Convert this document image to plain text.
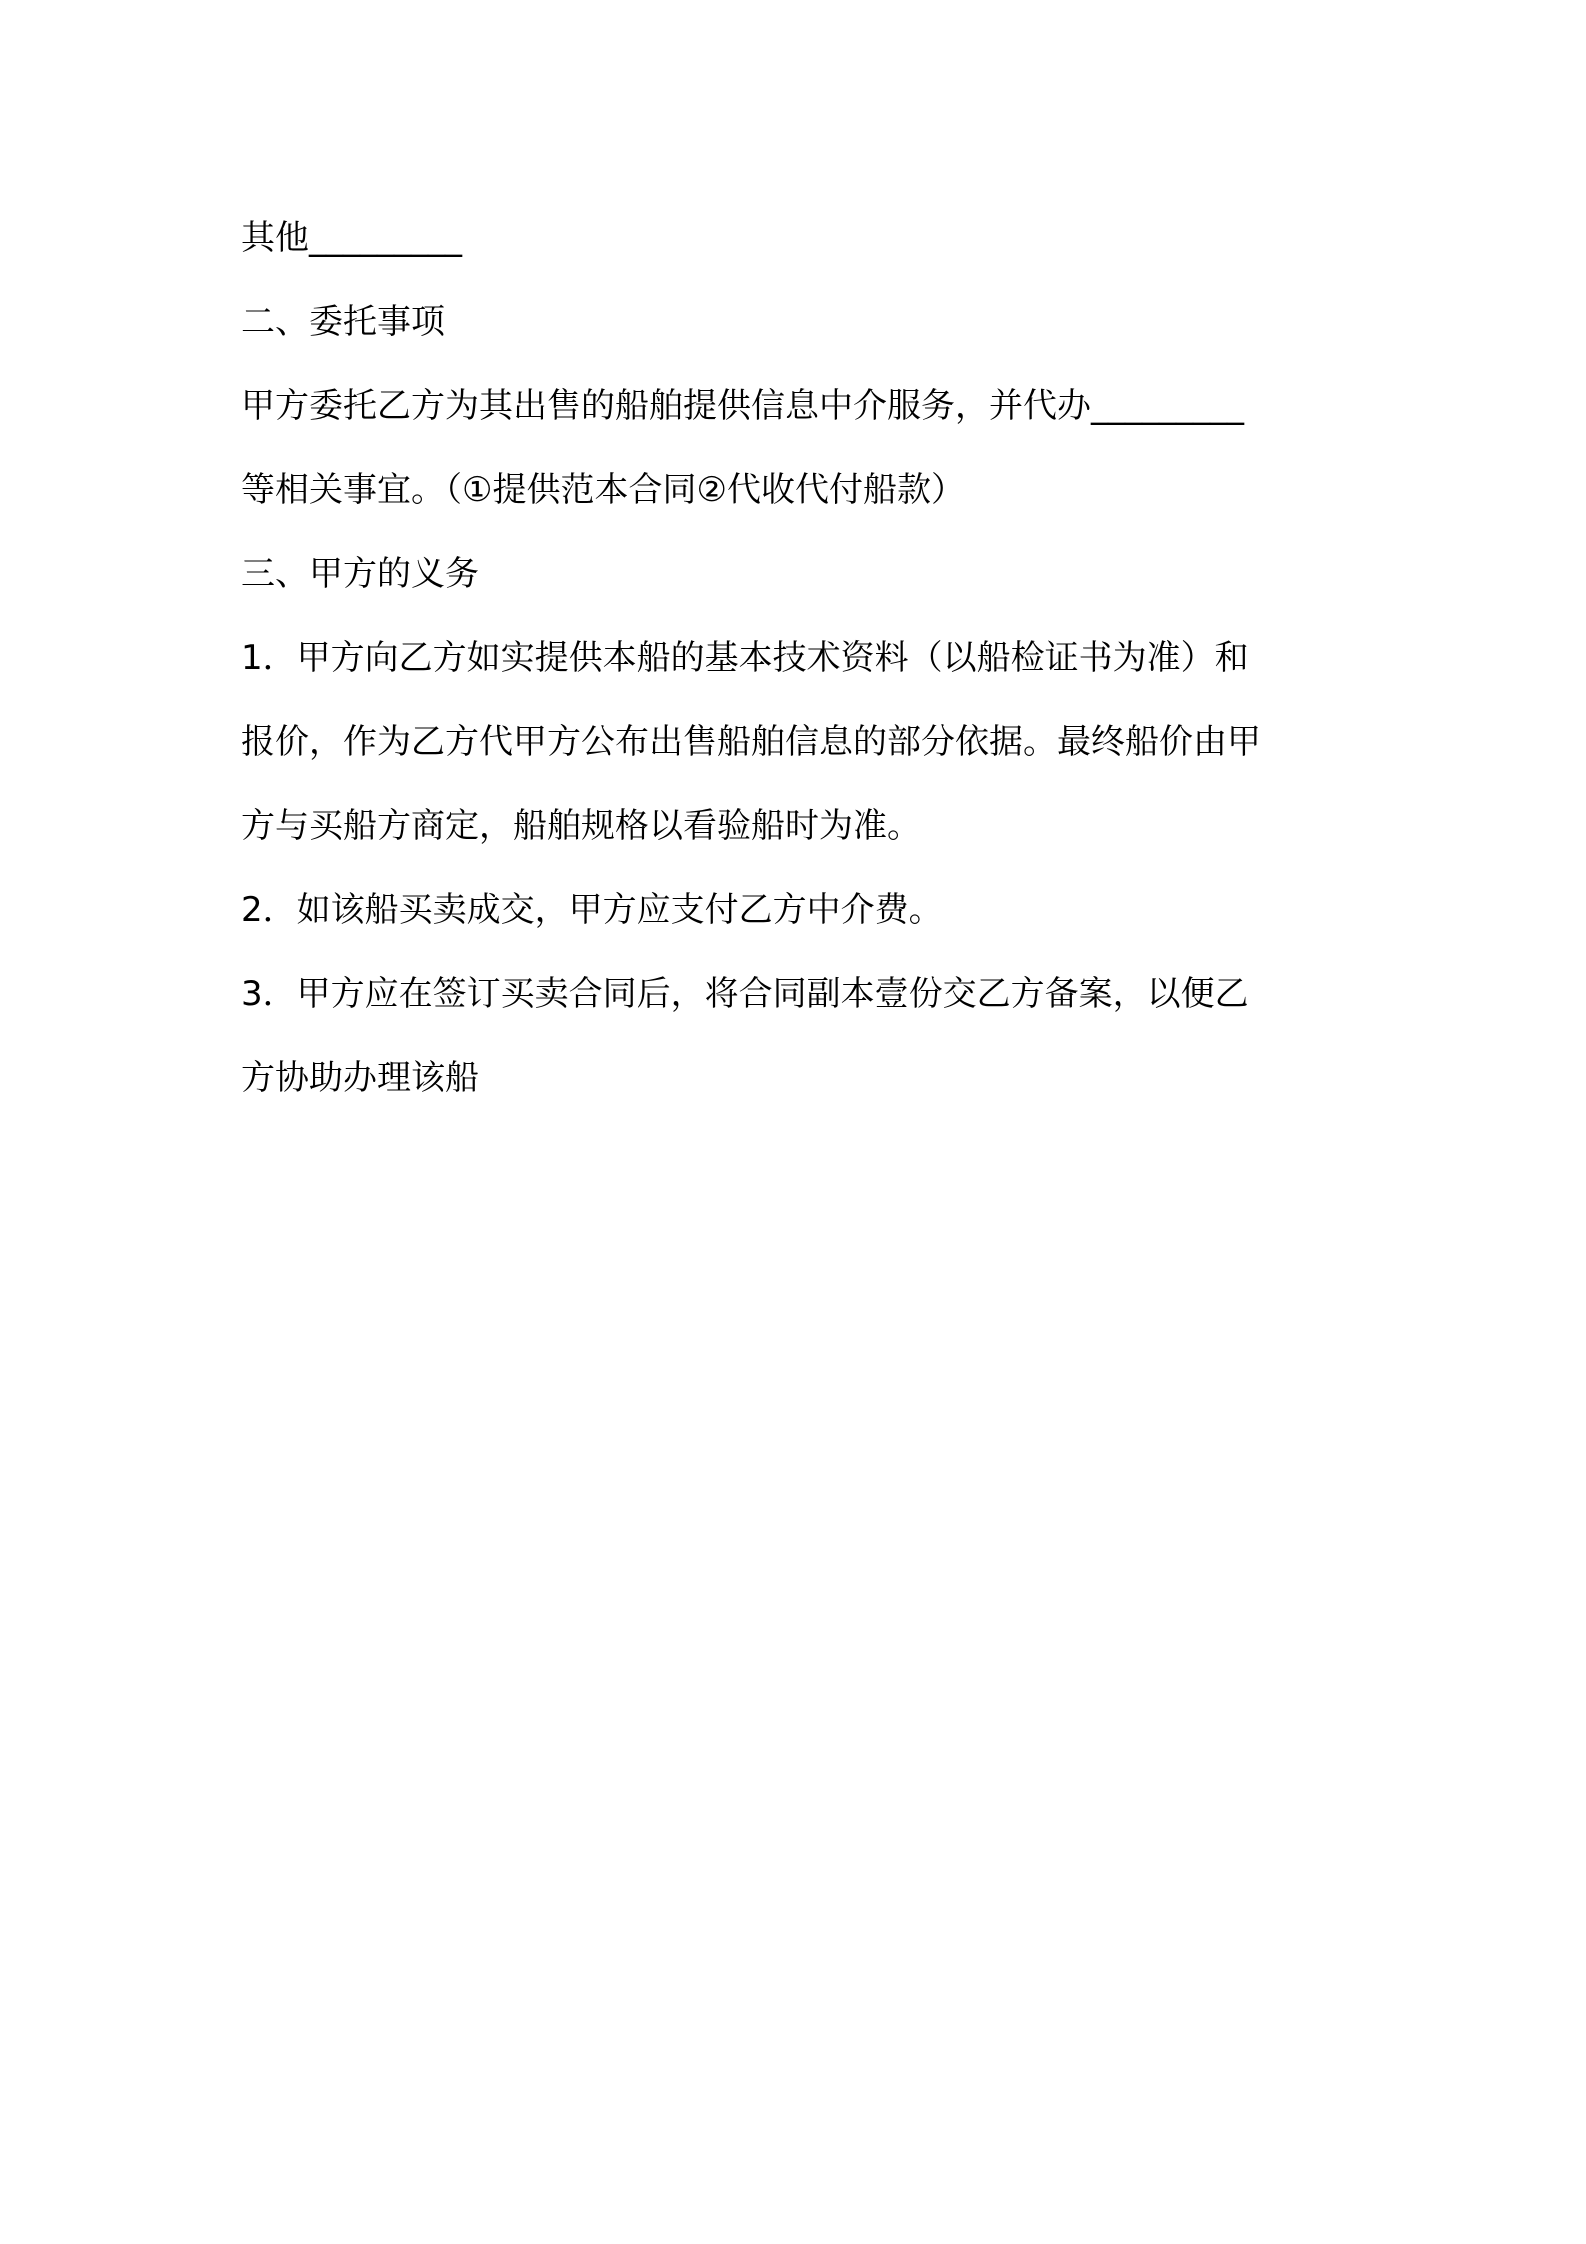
其他_________
二、委托事项
甲方委托乙方为其出售的船舶提供信息中介服务，并代办_________
等相关事宜。（①提供范本合同②代收代付船款）
三、甲方的义务
1．甲方向乙方如实提供本船的基本技术资料（以船检证书为准）和
报价，作为乙方代甲方公布出售船舶信息的部分依据。最终船价由甲
方与买船方商定，船舶规格以看验船时为准。
2．如该船买卖成交，甲方应支付乙方中介费。
3．甲方应在签订买卖合同后，将合同副本壹份交乙方备案，以便乙
方协助办理该船
